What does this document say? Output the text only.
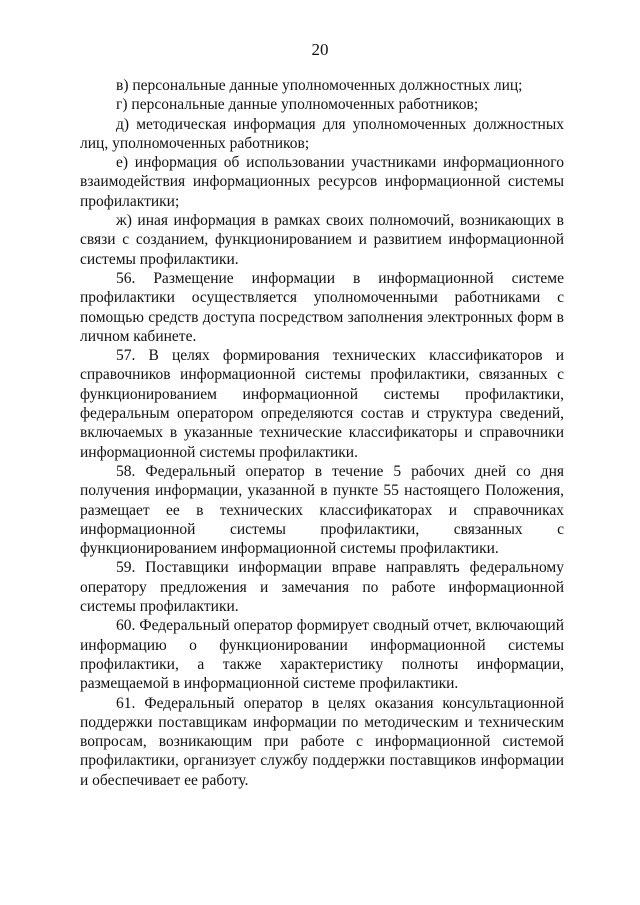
20

в) персональные данные уполномоченных должностных лиц;

г) персональные данные уполномоченных работников;

д) методическая информация для уполномоченных должностных лиц, уполномоченных работников;

е) информация об использовании участниками информационного взаимодействия информационных ресурсов информационной системы профилактики;

ж) иная информация в рамках своих полномочий, возникающих в связи с созданием, функционированием и развитием информационной системы профилактики.

56. Размещение информации в информационной системе профилактики осуществляется уполномоченными работниками с помощью средств доступа посредством заполнения электронных форм в личном кабинете.

57. В целях формирования технических классификаторов и справочников информационной системы профилактики, связанных с функционированием информационной системы профилактики, федеральным оператором определяются состав и структура сведений, включаемых в указанные технические классификаторы и справочники информационной системы профилактики.

58. Федеральный оператор в течение 5 рабочих дней со дня получения информации, указанной в пункте 55 настоящего Положения, размещает ее в технических классификаторах и справочниках информационной системы профилактики, связанных с функционированием информационной системы профилактики.

59. Поставщики информации вправе направлять федеральному оператору предложения и замечания по работе информационной системы профилактики.

60. Федеральный оператор формирует сводный отчет, включающий информацию о функционировании информационной системы профилактики, а также характеристику полноты информации, размещаемой в информационной системе профилактики.

61. Федеральный оператор в целях оказания консультационной поддержки поставщикам информации по методическим и техническим вопросам, возникающим при работе с информационной системой профилактики, организует службу поддержки поставщиков информации и обеспечивает ее работу.
